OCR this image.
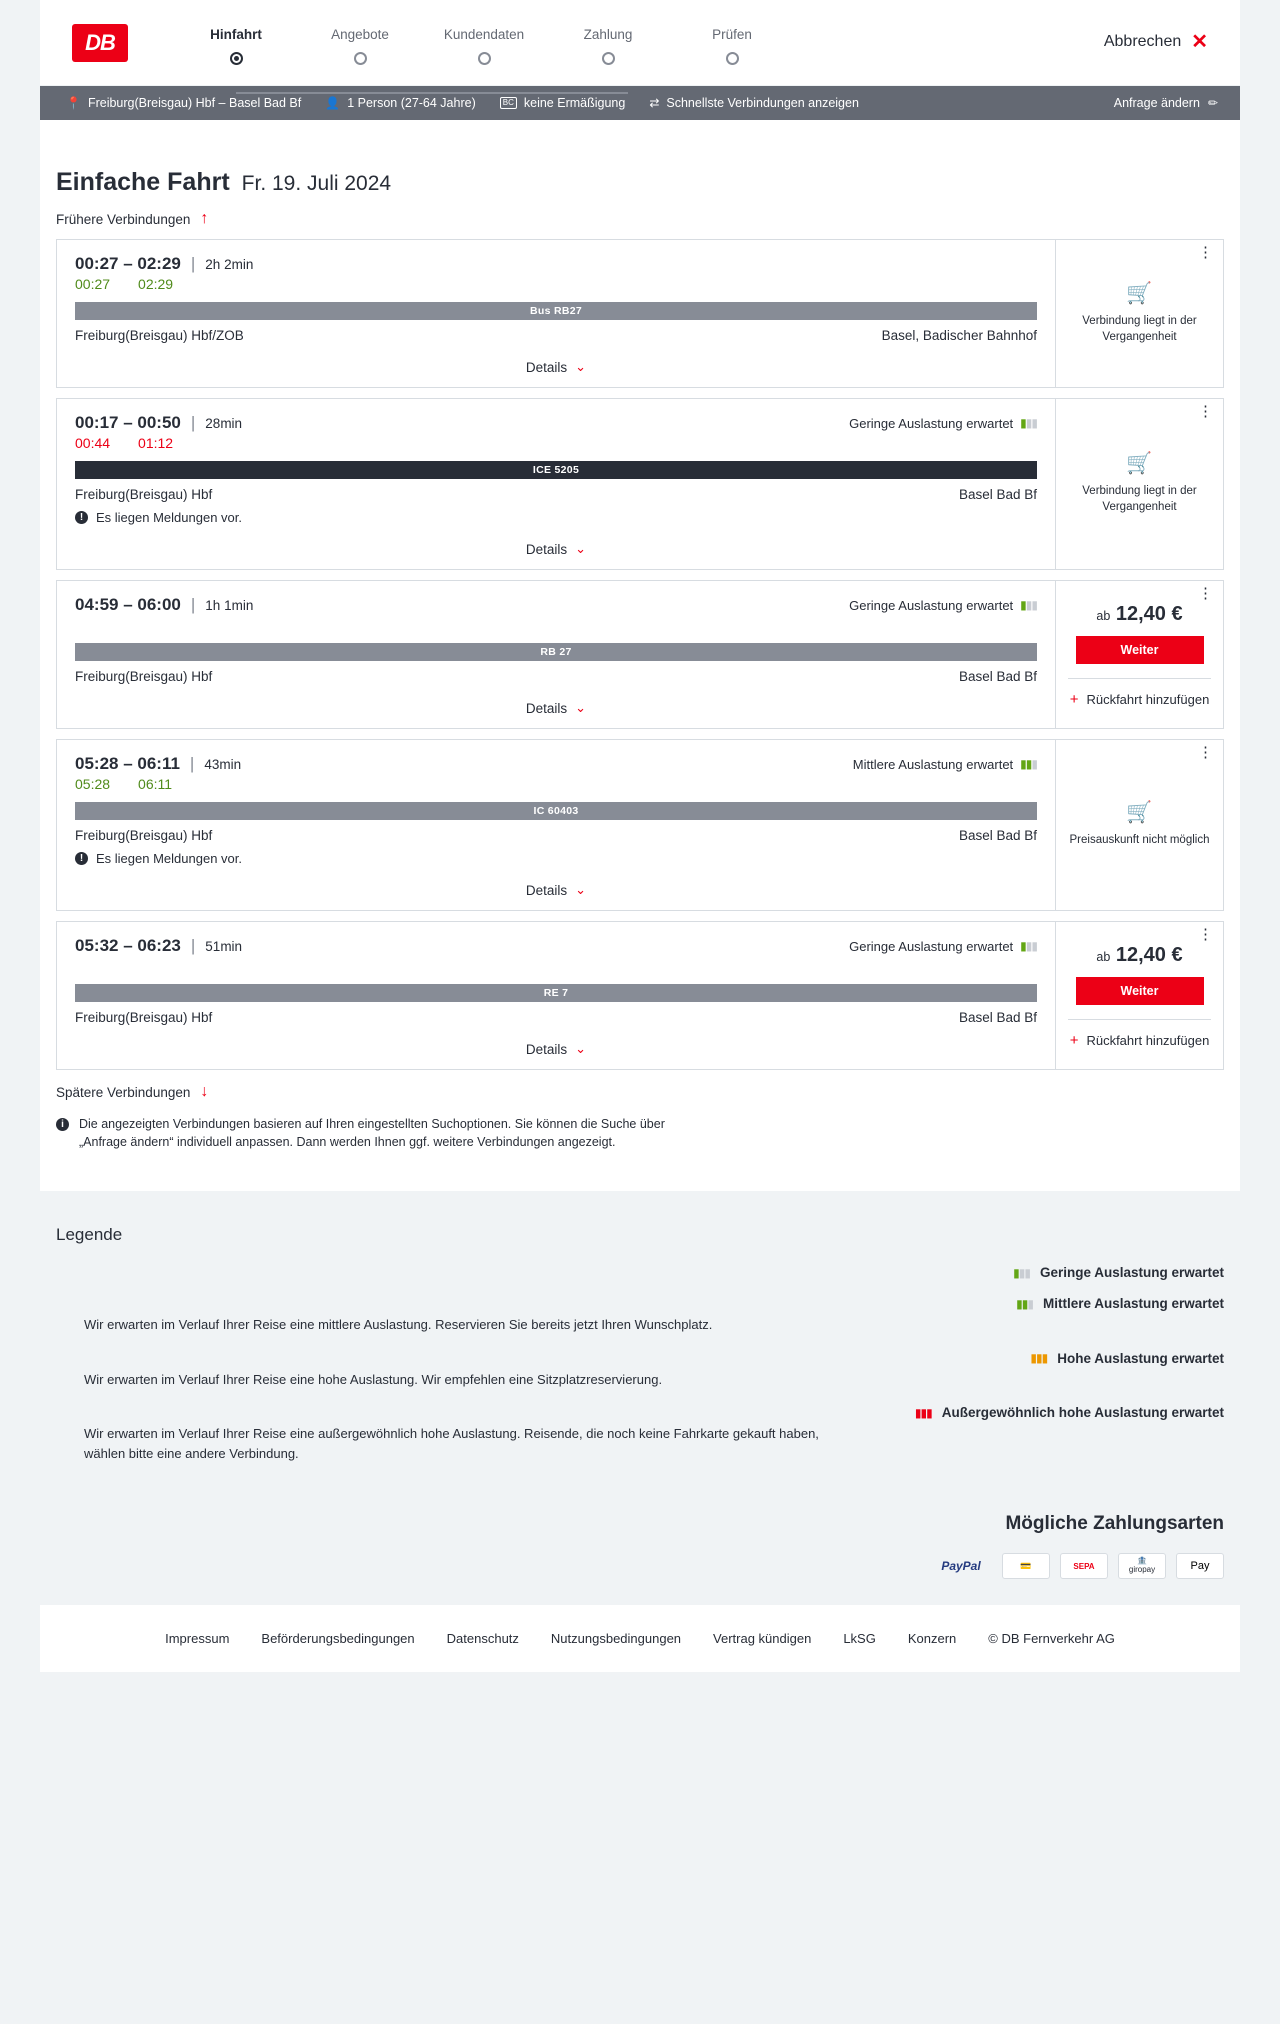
DB	Hinfahrt	Angebote	Kundendaten	Zahlung	Prüfen	Abbrechen ✕
📍 Freiburg(Breisgau) Hbf – Basel Bad Bf 👤 1 Person (27-64 Jahre)	BC keine Ermäßigung ⇄ Schnellste Verbindungen anzeigen	Anfrage ändern ✏
Einfache Fahrt Fr. 19. Juli 2024
Frühere Verbindungen ↑
00:27 – 02:29 | 2h 2min
00:27 02:29
Bus RB27
Freiburg(Breisgau) Hbf/ZOB	Basel, Badischer Bahnhof
Details ⌄
⋮
🛒
Verbindung liegt in der Vergangenheit
00:17 – 00:50 | 28min	Geringe Auslastung erwartet ▮▮▮
00:44 01:12
ICE 5205
Freiburg(Breisgau) Hbf	Basel Bad Bf
! Es liegen Meldungen vor.
Details ⌄
⋮
🛒
Verbindung liegt in der Vergangenheit
04:59 – 06:00 | 1h 1min	Geringe Auslastung erwartet ▮▮▮
RB 27
Freiburg(Breisgau) Hbf	Basel Bad Bf
Details ⌄
⋮
ab 12,40 €
Weiter
+ Rückfahrt hinzufügen
05:28 – 06:11 | 43min	Mittlere Auslastung erwartet ▮▮▮
05:28 06:11
IC 60403
Freiburg(Breisgau) Hbf	Basel Bad Bf
! Es liegen Meldungen vor.
Details ⌄
⋮
🛒
Preisauskunft nicht möglich
05:32 – 06:23 | 51min	Geringe Auslastung erwartet ▮▮▮
RE 7
Freiburg(Breisgau) Hbf	Basel Bad Bf
Details ⌄
⋮
ab 12,40 €
Weiter
+ Rückfahrt hinzufügen
Spätere Verbindungen ↓
i	Die angezeigten Verbindungen basieren auf Ihren eingestellten Suchoptionen. Sie können die Suche über „Anfrage ändern“ individuell anpassen. Dann werden Ihnen ggf. weitere Verbindungen angezeigt.
Legende
▮▮▮ Geringe Auslastung erwartet
▮▮▮ Mittlere Auslastung erwartet
Wir erwarten im Verlauf Ihrer Reise eine mittlere Auslastung. Reservieren Sie bereits jetzt Ihren Wunschplatz.
▮▮▮ Hohe Auslastung erwartet
Wir erwarten im Verlauf Ihrer Reise eine hohe Auslastung. Wir empfehlen eine Sitzplatzreservierung.
▮▮▮ Außergewöhnlich hohe Auslastung erwartet
Wir erwarten im Verlauf Ihrer Reise eine außergewöhnlich hohe Auslastung. Reisende, die noch keine Fahrkarte gekauft haben, wählen bitte eine andere Verbindung.
Mögliche Zahlungsarten
PayPal	💳	SEPA
🏦
giropay	Pay
Impressum Beförderungsbedingungen Datenschutz Nutzungsbedingungen Vertrag kündigen LkSG Konzern © DB Fernverkehr AG
